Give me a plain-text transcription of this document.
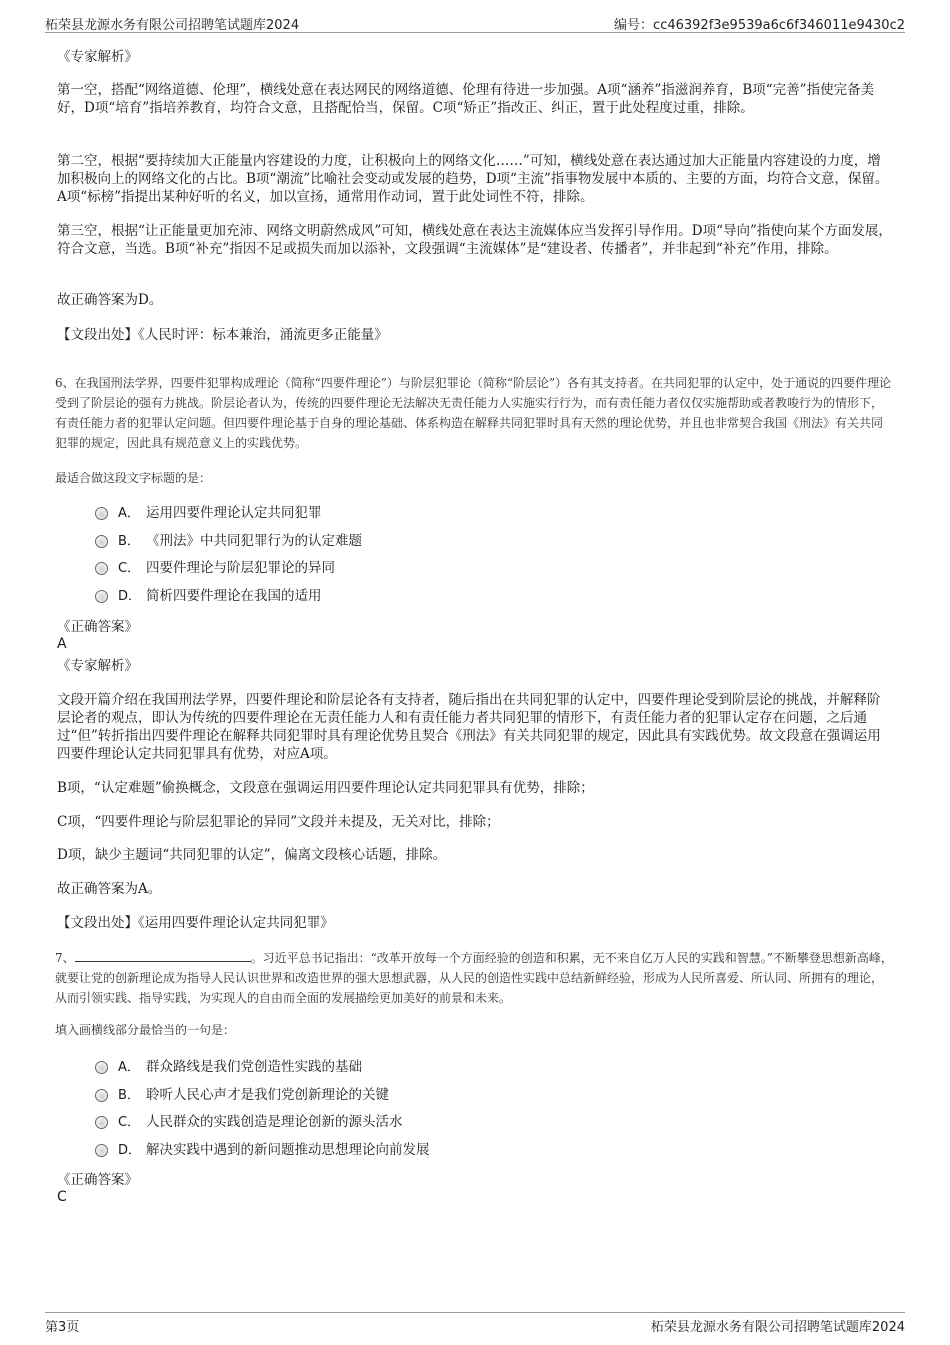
柘荣县龙源水务有限公司招聘笔试题库2024	编号：cc46392f3e9539a6c6f346011e9430c2

《专家解析》

第一空，搭配“网络道德、伦理”，横线处意在表达网民的网络道德、伦理有待进一步加强。A项“涵养”指滋润养育，B项“完善”指使完备美好，D项“培育”指培养教育，均符合文意，且搭配恰当，保留。C项“矫正”指改正、纠正，置于此处程度过重，排除。

第二空，根据“要持续加大正能量内容建设的力度，让积极向上的网络文化……”可知，横线处意在表达通过加大正能量内容建设的力度，增加积极向上的网络文化的占比。B项“潮流”比喻社会变动或发展的趋势，D项“主流”指事物发展中本质的、主要的方面，均符合文意，保留。A项“标榜”指提出某种好听的名义，加以宣扬，通常用作动词，置于此处词性不符，排除。

第三空，根据“让正能量更加充沛、网络文明蔚然成风”可知，横线处意在表达主流媒体应当发挥引导作用。D项“导向”指使向某个方面发展，符合文意，当选。B项“补充”指因不足或损失而加以添补，文段强调“主流媒体”是“建设者、传播者”，并非起到“补充”作用，排除。

故正确答案为D。

【文段出处】《人民时评：标本兼治，涌流更多正能量》

6、在我国刑法学界，四要件犯罪构成理论（简称“四要件理论”）与阶层犯罪论（简称“阶层论”）各有其支持者。在共同犯罪的认定中，处于通说的四要件理论受到了阶层论的强有力挑战。阶层论者认为，传统的四要件理论无法解决无责任能力人实施实行行为，而有责任能力者仅仅实施帮助或者教唆行为的情形下，有责任能力者的犯罪认定问题。但四要件理论基于自身的理论基础、体系构造在解释共同犯罪时具有天然的理论优势，并且也非常契合我国《刑法》有关共同犯罪的规定，因此具有规范意义上的实践优势。

最适合做这段文字标题的是：

A． 运用四要件理论认定共同犯罪
B． 《刑法》中共同犯罪行为的认定难题
C． 四要件理论与阶层犯罪论的异同
D． 简析四要件理论在我国的适用

《正确答案》

A

《专家解析》

文段开篇介绍在我国刑法学界，四要件理论和阶层论各有支持者，随后指出在共同犯罪的认定中，四要件理论受到阶层论的挑战，并解释阶层论者的观点，即认为传统的四要件理论在无责任能力人和有责任能力者共同犯罪的情形下，有责任能力者的犯罪认定存在问题，之后通过“但”转折指出四要件理论在解释共同犯罪时具有理论优势且契合《刑法》有关共同犯罪的规定，因此具有实践优势。故文段意在强调运用四要件理论认定共同犯罪具有优势，对应A项。

B项，“认定难题”偷换概念，文段意在强调运用四要件理论认定共同犯罪具有优势，排除；

C项，“四要件理论与阶层犯罪论的异同”文段并未提及，无关对比，排除；

D项，缺少主题词“共同犯罪的认定”，偏离文段核心话题，排除。

故正确答案为A。

【文段出处】《运用四要件理论认定共同犯罪》

7、	。习近平总书记指出：“改革开放每一个方面经验的创造和积累，无不来自亿万人民的实践和智慧。”不断攀登思想新高峰，就要让党的创新理论成为指导人民认识世界和改造世界的强大思想武器，从人民的创造性实践中总结新鲜经验，形成为人民所喜爱、所认同、所拥有的理论，从而引领实践、指导实践，为实现人的自由而全面的发展描绘更加美好的前景和未来。

填入画横线部分最恰当的一句是：

A． 群众路线是我们党创造性实践的基础
B． 聆听人民心声才是我们党创新理论的关键
C． 人民群众的实践创造是理论创新的源头活水
D． 解决实践中遇到的新问题推动思想理论向前发展

《正确答案》

C
第3页	柘荣县龙源水务有限公司招聘笔试题库2024
